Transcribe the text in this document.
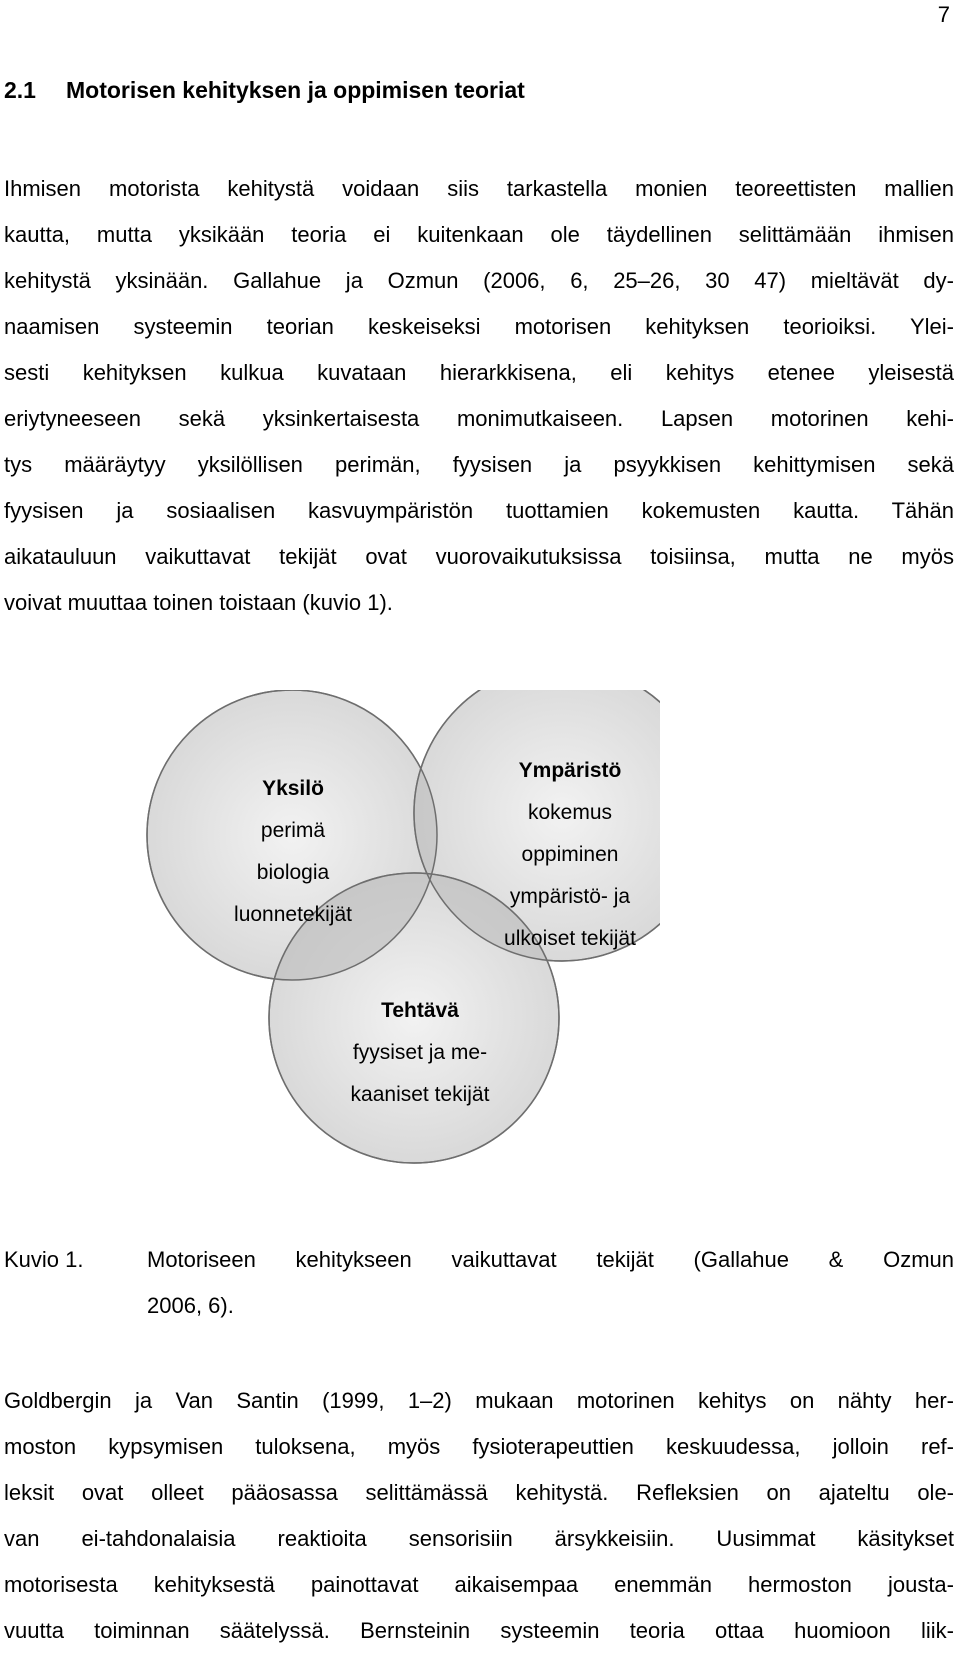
7
2.1 Motorisen kehityksen ja oppimisen teoriat
Ihmisen motorista kehitystä voidaan siis tarkastella monien teoreettisten mallien
kautta, mutta yksikään teoria ei kuitenkaan ole täydellinen selittämään ihmisen
kehitystä yksinään. Gallahue ja Ozmun (2006, 6, 25–26, 30 47) mieltävät dy-
naamisen systeemin teorian keskeiseksi motorisen kehityksen teorioiksi. Ylei-
sesti kehityksen kulkua kuvataan hierarkkisena, eli kehitys etenee yleisestä
eriytyneeseen sekä yksinkertaisesta monimutkaiseen. Lapsen motorinen kehi-
tys määräytyy yksilöllisen perimän, fyysisen ja psyykkisen kehittymisen sekä
fyysisen ja sosiaalisen kasvuympäristön tuottamien kokemusten kautta. Tähän
aikatauluun vaikuttavat tekijät ovat vuorovaikutuksissa toisiinsa, mutta ne myös
voivat muuttaa toinen toistaan (kuvio 1).
Yksilö
perimä
biologia
luonnetekijät
Ympäristö
kokemus
oppiminen
ympäristö- ja
ulkoiset tekijät
Tehtävä
fyysiset ja me-
kaaniset tekijät
Kuvio 1.	Motoriseen kehitykseen vaikuttavat tekijät (Gallahue & Ozmun
2006, 6).
Goldbergin ja Van Santin (1999, 1–2) mukaan motorinen kehitys on nähty her-
moston kypsymisen tuloksena, myös fysioterapeuttien keskuudessa, jolloin ref-
leksit ovat olleet pääosassa selittämässä kehitystä. Refleksien on ajateltu ole-
van ei-tahdonalaisia reaktioita sensorisiin ärsykkeisiin. Uusimmat käsitykset
motorisesta kehityksestä painottavat aikaisempaa enemmän hermoston jousta-
vuutta toiminnan säätelyssä. Bernsteinin systeemin teoria ottaa huomioon liik-
